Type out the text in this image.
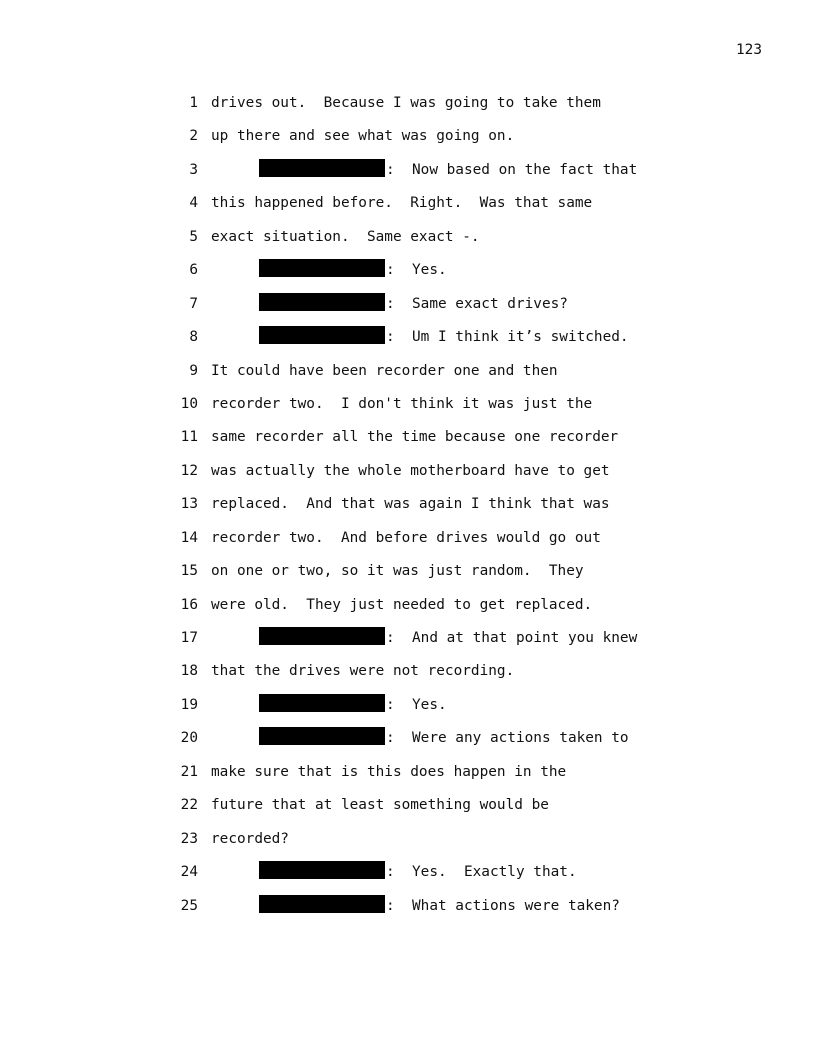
123
1 drives out.  Because I was going to take them
2 up there and see what was going on.
3	:  Now based on the fact that
4 this happened before.  Right.  Was that same
5 exact situation.  Same exact -.
6	:  Yes.
7	:  Same exact drives?
8	:  Um I think it’s switched.
9 It could have been recorder one and then
10 recorder two.  I don't think it was just the
11 same recorder all the time because one recorder
12 was actually the whole motherboard have to get
13 replaced.  And that was again I think that was
14 recorder two.  And before drives would go out
15 on one or two, so it was just random.  They
16 were old.  They just needed to get replaced.
17	:  And at that point you knew
18 that the drives were not recording.
19	:  Yes.
20	:  Were any actions taken to
21 make sure that is this does happen in the
22 future that at least something would be
23 recorded?
24	:  Yes.  Exactly that.
25	:  What actions were taken?
